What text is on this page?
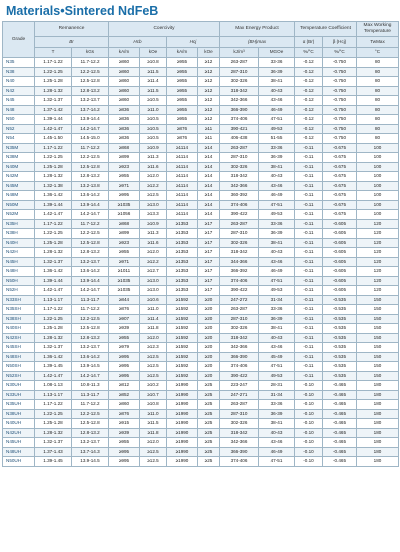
Materials•Sintered NdFeB
Grade	Remanence		Coercivity				Max Energy Product		Temperature Coefficient		Max Working Temperature
	Br		Hcb		Hcj		(BH)max		α (Br)	β (Hcj)	TwMax
	T	kGs	kA/m	kOe	kA/m	kOe	kJ/m³	MGOe	%/°C	%/°C	°C
N35	1.17-1.22	11.7-12.2	≥860	≥10.8	≥955	≥12	263-287	33-36	-0.12	-0.750	80
N38	1.22-1.25	12.2-12.5	≥860	≥11.5	≥955	≥12	287-310	36-39	-0.12	-0.750	80
N40	1.25-1.28	12.5-12.8	≥860	≥11.4	≥955	≥12	302-326	38-41	-0.12	-0.750	80
N42	1.28-1.32	12.8-13.2	≥860	≥11.5	≥955	≥12	318-342	40-43	-0.12	-0.750	80
N45	1.32-1.37	13.2-13.7	≥860	≥10.5	≥955	≥12	342-366	43-46	-0.12	-0.750	80
N48	1.37-1.42	13.7-14.2	≥836	≥11.0	≥955	≥12	366-390	46-49	-0.12	-0.750	80
N50	1.39-1.44	13.9-14.4	≥836	≥10.5	≥955	≥12	374-406	47-51	-0.12	-0.750	80
N52	1.42-1.47	14.2-14.7	≥836	≥10.5	≥876	≥11	390-421	49-53	-0.12	-0.750	80
N54	1.45-1.50	14.5-15.0	≥836	≥10.5	≥876	≥11	406-438	51-55	-0.12	-0.750	80
N35M	1.17-1.22	11.7-12.2	≥868	≥10.9	≥1114	≥14	263-287	33-36	-0.11	-0.675	100
N38M	1.22-1.25	12.2-12.5	≥899	≥11.3	≥1114	≥14	287-310	36-39	-0.11	-0.675	100
N40M	1.25-1.28	12.5-12.8	≥923	≥11.6	≥1114	≥14	302-326	38-41	-0.11	-0.675	100
N42M	1.28-1.32	12.8-13.2	≥955	≥12.0	≥1114	≥14	318-342	40-43	-0.11	-0.675	100
N45M	1.32-1.38	13.2-13.8	≥971	≥12.2	≥1114	≥14	342-366	43-46	-0.11	-0.675	100
N48M	1.36-1.42	13.6-14.2	≥995	≥12.5	≥1114	≥14	360-392	46-49	-0.11	-0.675	100
N50M	1.39-1.44	13.9-14.4	≥1035	≥13.0	≥1114	≥14	374-406	47-51	-0.11	-0.675	100
N52M	1.42-1.47	14.2-14.7	≥1056	≥13.3	≥1114	≥14	390-422	49-53	-0.11	-0.675	100
N35H	1.17-1.22	11.7-12.2	≥868	≥10.9	≥1353	≥17	263-287	33-36	-0.11	-0.605	120
N38H	1.22-1.25	12.2-12.5	≥899	≥11.3	≥1353	≥17	287-310	36-39	-0.11	-0.605	120
N40H	1.25-1.28	12.5-12.8	≥923	≥11.6	≥1353	≥17	302-326	38-41	-0.11	-0.605	120
N42H	1.28-1.32	12.8-13.2	≥955	≥12.0	≥1353	≥17	318-342	40-43	-0.11	-0.605	120
N45H	1.32-1.37	13.2-13.7	≥971	≥12.2	≥1353	≥17	344-366	43-46	-0.11	-0.605	120
N48H	1.36-1.42	13.6-14.2	≥1011	≥12.7	≥1353	≥17	366-392	46-49	-0.11	-0.605	120
N50H	1.39-1.44	13.9-14.4	≥1035	≥13.0	≥1353	≥17	374-406	47-51	-0.11	-0.605	120
N52H	1.42-1.47	14.2-14.7	≥1035	≥13.0	≥1353	≥17	390-422	49-53	-0.11	-0.605	120
N33SH	1.13-1.17	11.3-11.7	≥844	≥10.6	≥1592	≥20	247-272	31-34	-0.11	-0.535	150
N35SH	1.17-1.22	11.7-12.2	≥876	≥11.0	≥1592	≥20	263-287	33-36	-0.11	-0.535	150
N38SH	1.22-1.25	12.2-12.5	≥907	≥11.4	≥1592	≥20	287-310	36-39	-0.11	-0.535	150
N40SH	1.25-1.28	12.5-12.8	≥939	≥11.8	≥1592	≥20	302-326	38-41	-0.11	-0.535	150
N42SH	1.28-1.32	12.8-13.2	≥955	≥12.0	≥1592	≥20	318-342	40-43	-0.11	-0.535	150
N45SH	1.32-1.37	13.2-13.7	≥979	≥12.3	≥1592	≥20	342-366	43-46	-0.11	-0.535	150
N48SH	1.36-1.42	13.6-14.2	≥995	≥12.5	≥1592	≥20	366-390	45-49	-0.11	-0.535	150
N50SH	1.39-1.45	13.9-14.5	≥995	≥12.5	≥1592	≥20	374-406	47-51	-0.11	-0.535	150
N52SH	1.42-1.47	14.2-14.7	≥995	≥12.5	≥1592	≥20	390-422	49-53	-0.11	-0.535	150
N30UH	1.08-1.13	10.8-11.3	≥812	≥10.2	≥1990	≥25	223-247	28-31	-0.10	-0.465	180
N33UH	1.13-1.17	11.3-11.7	≥852	≥10.7	≥1990	≥25	247-271	31-34	-0.10	-0.465	180
N35UH	1.17-1.22	11.7-12.2	≥860	≥10.8	≥1990	≥25	263-287	33-36	-0.10	-0.465	180
N38UH	1.22-1.25	12.2-12.5	≥876	≥11.0	≥1990	≥25	287-310	36-39	-0.10	-0.465	180
N40UH	1.25-1.28	12.5-12.8	≥915	≥11.5	≥1990	≥25	302-326	38-41	-0.10	-0.465	180
N42UH	1.28-1.32	12.8-13.2	≥939	≥11.8	≥1990	≥25	318-342	40-43	-0.10	-0.465	180
N45UH	1.32-1.37	13.2-13.7	≥955	≥12.0	≥1990	≥25	342-366	43-46	-0.10	-0.465	180
N48UH	1.37-1.43	13.7-14.3	≥995	≥12.5	≥1990	≥25	366-390	46-49	-0.10	-0.465	180
N50UH	1.39-1.45	13.9-14.5	≥995	≥12.5	≥1990	≥25	374-406	47-51	-0.10	-0.465	180
